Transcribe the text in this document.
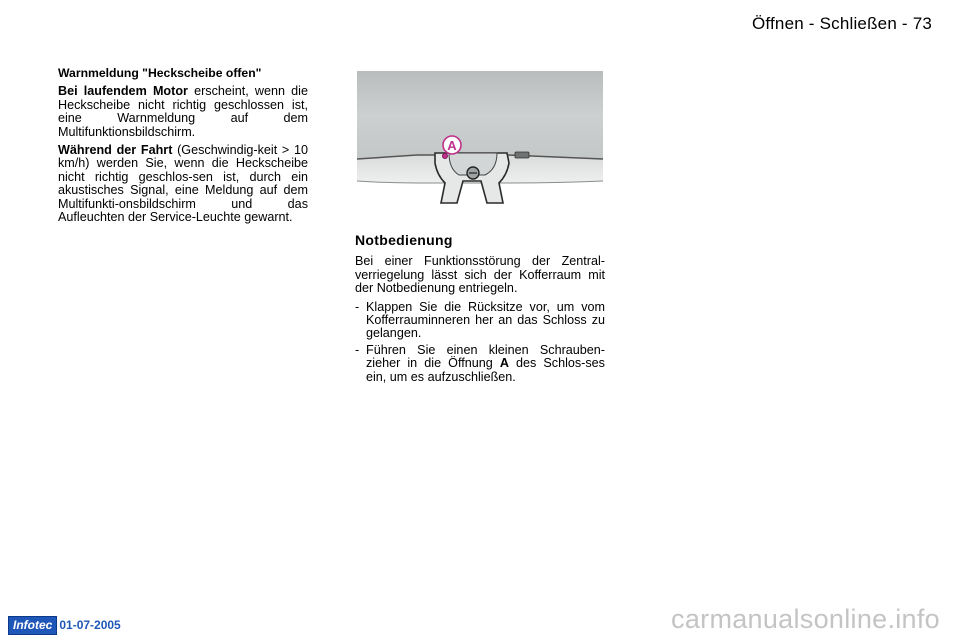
Öffnen - Schließen - 73
Warnmeldung "Heckscheibe offen"

Bei laufendem Motor erscheint, wenn die Heckscheibe nicht richtig geschlossen ist, eine Warnmeldung auf dem Multifunktionsbildschirm.

Während der Fahrt (Geschwindig-keit > 10 km/h) werden Sie, wenn die Heckscheibe nicht richtig geschlos-sen ist, durch ein akustisches Signal, eine Meldung auf dem Multifunkti-onsbildschirm und das Aufleuchten der Service-Leuchte gewarnt.

A
Notbedienung

Bei einer Funktionsstörung der Zentral-verriegelung lässt sich der Kofferraum mit der Notbedienung entriegeln.

- Klappen Sie die Rücksitze vor, um vom Kofferrauminneren her an das Schloss zu gelangen.
- Führen Sie einen kleinen Schrauben-zieher in die Öffnung A des Schlos-ses ein, um es aufzuschließen.
Infotec 01-07-2005	carmanualsonline.info
